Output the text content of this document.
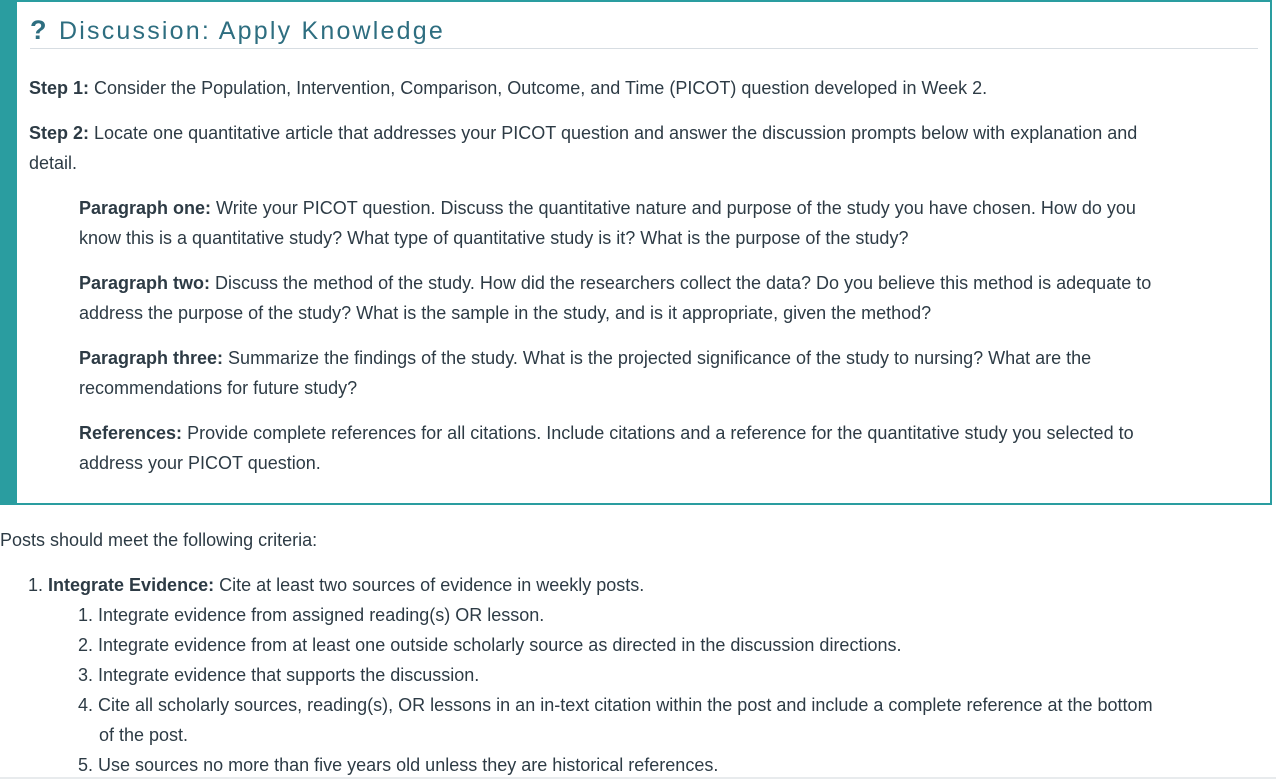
? Discussion: Apply Knowledge

Step 1: Consider the Population, Intervention, Comparison, Outcome, and Time (PICOT) question developed in Week 2.

Step 2: Locate one quantitative article that addresses your PICOT question and answer the discussion prompts below with explanation and

detail.

Paragraph one: Write your PICOT question. Discuss the quantitative nature and purpose of the study you have chosen. How do you

know this is a quantitative study? What type of quantitative study is it? What is the purpose of the study?

Paragraph two: Discuss the method of the study. How did the researchers collect the data? Do you believe this method is adequate to

address the purpose of the study? What is the sample in the study, and is it appropriate, given the method?

Paragraph three: Summarize the findings of the study. What is the projected significance of the study to nursing? What are the

recommendations for future study?

References: Provide complete references for all citations. Include citations and a reference for the quantitative study you selected to

address your PICOT question.

Posts should meet the following criteria:
1. Integrate Evidence: Cite at least two sources of evidence in weekly posts.
1. Integrate evidence from assigned reading(s) OR lesson.
2. Integrate evidence from at least one outside scholarly source as directed in the discussion directions.
3. Integrate evidence that supports the discussion.
4. Cite all scholarly sources, reading(s), OR lessons in an in-text citation within the post and include a complete reference at the bottom
of the post.
5. Use sources no more than five years old unless they are historical references.
